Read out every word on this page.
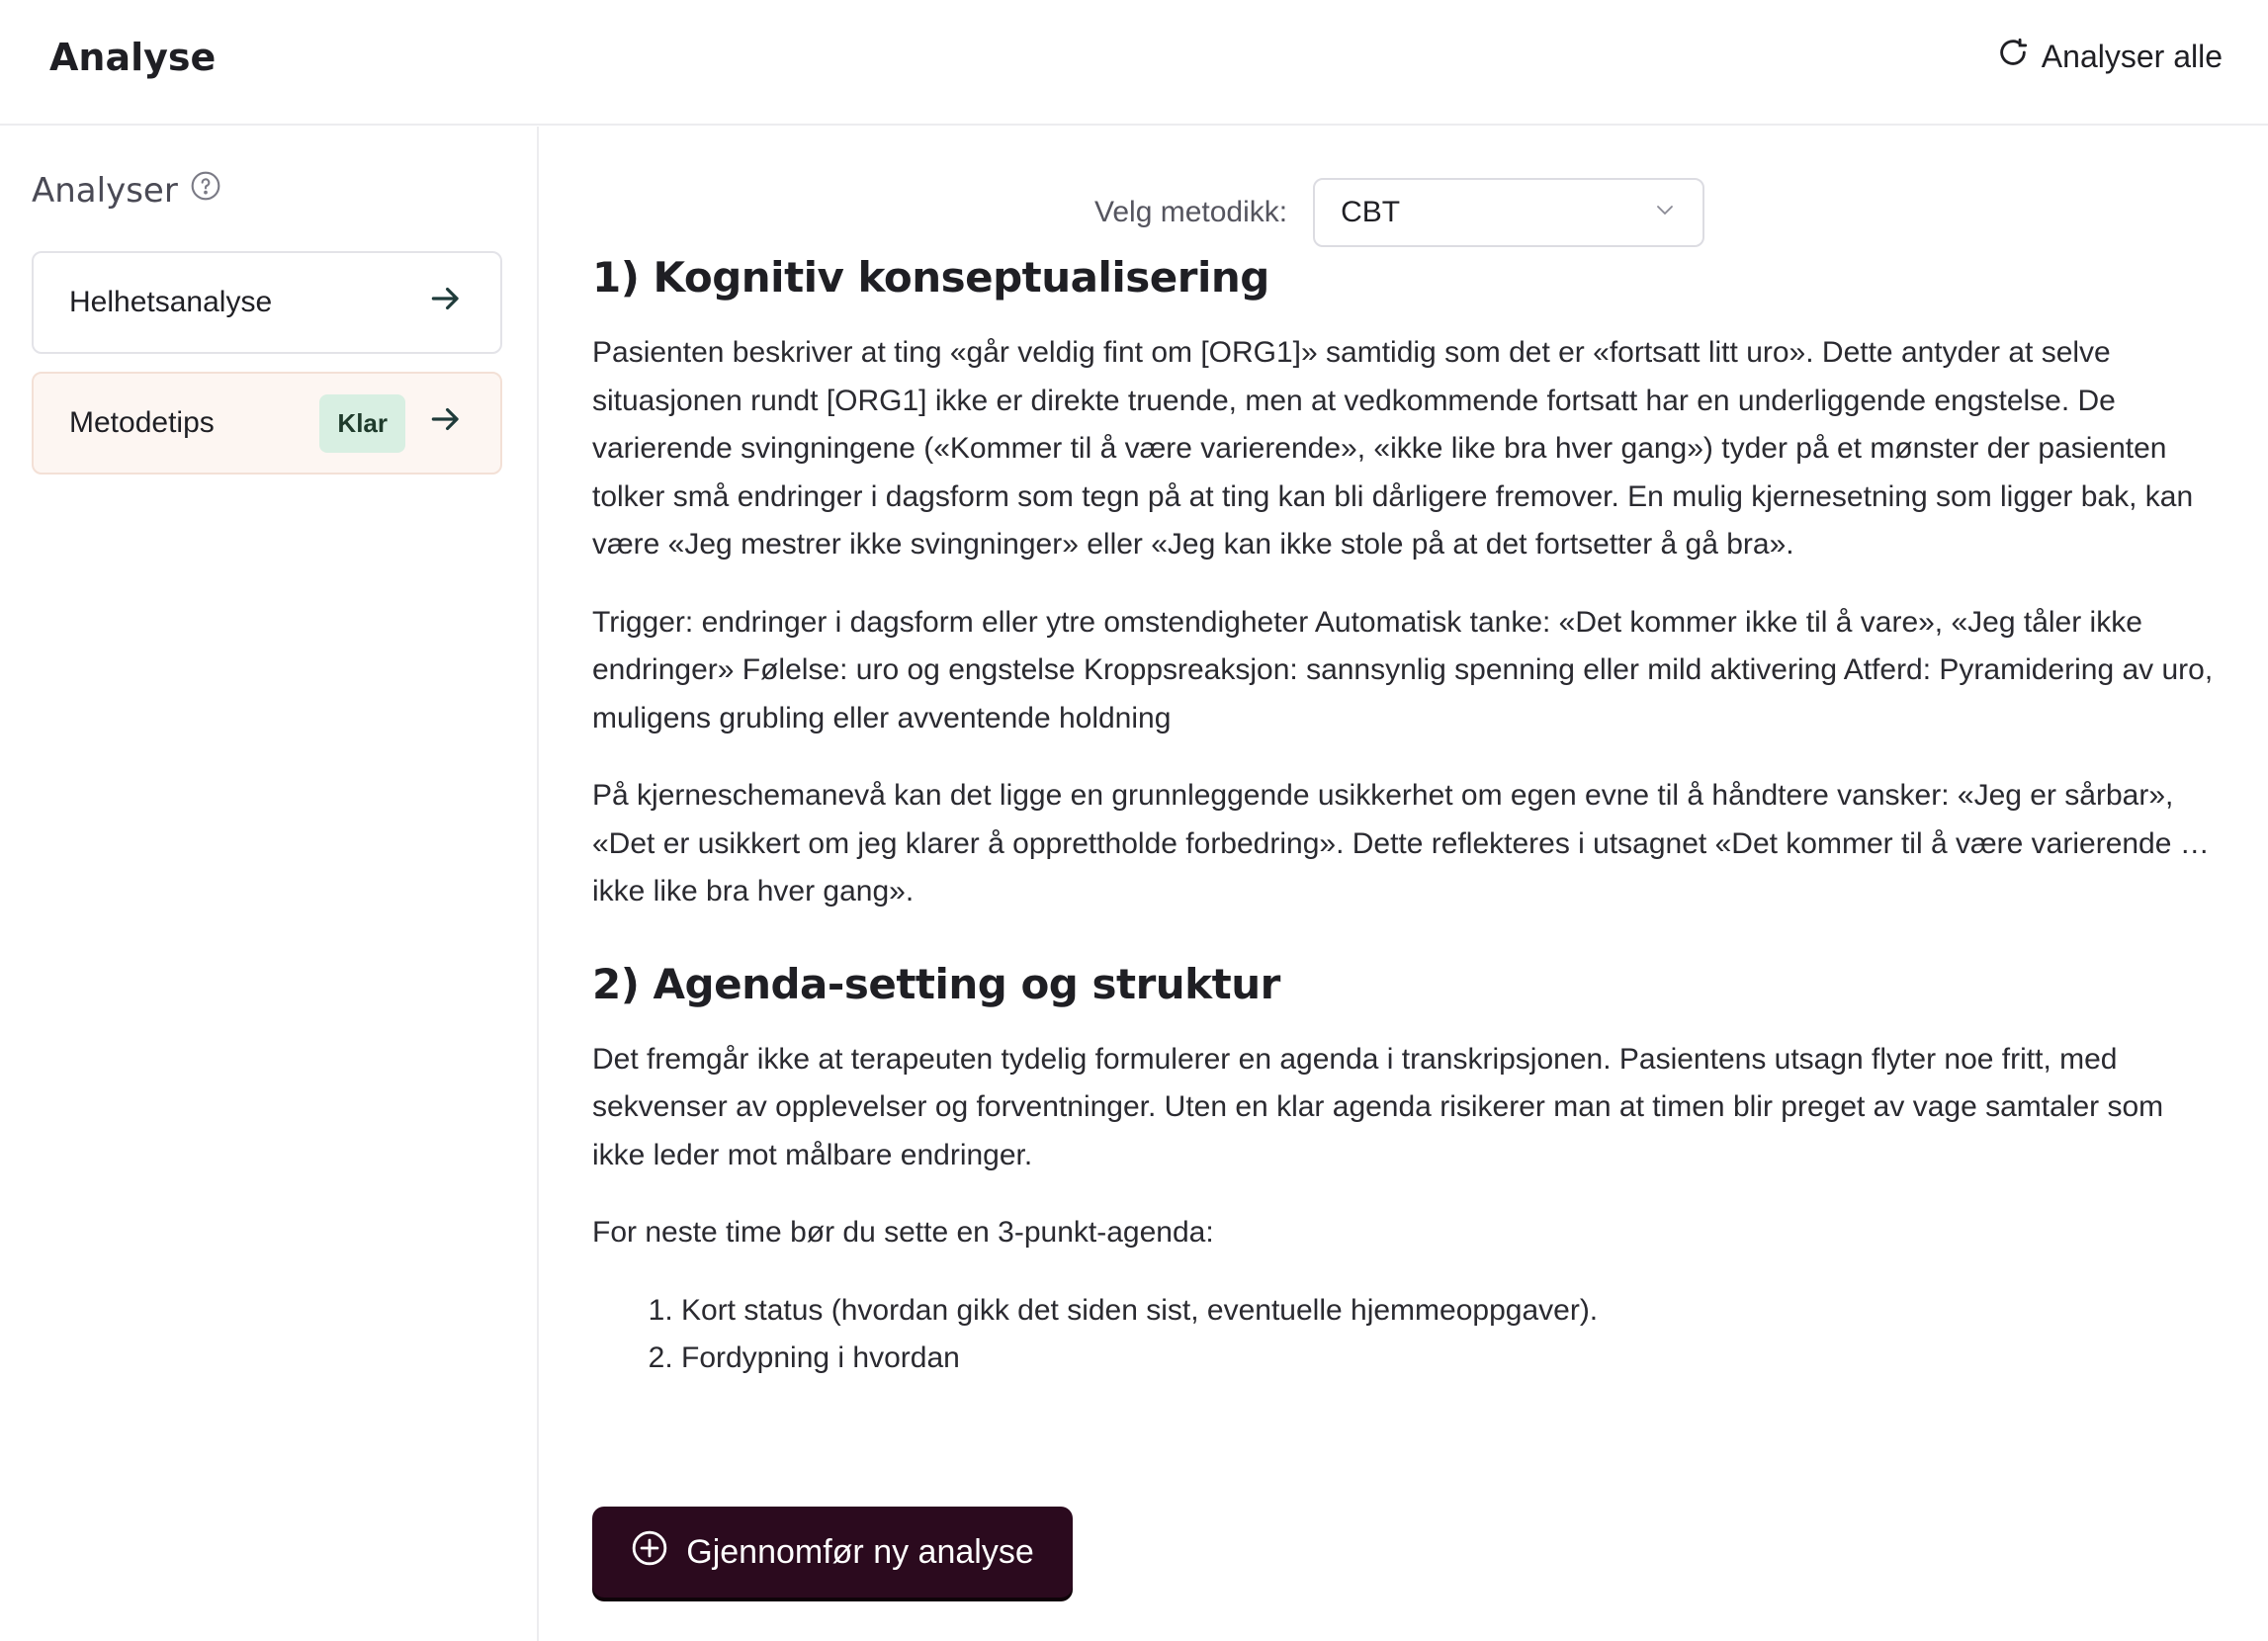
Analyse	Analyser alle
Analyser
Helhetsanalyse
Metodetips	Klar
Velg metodikk: CBT
1) Kognitiv konseptualisering

Pasienten beskriver at ting «går veldig fint om [ORG1]» samtidig som det er «fortsatt litt uro». Dette antyder at selve situasjonen rundt [ORG1] ikke er direkte truende, men at vedkommende fortsatt har en underliggende engstelse. De varierende svingningene («Kommer til å være varierende», «ikke like bra hver gang») tyder på et mønster der pasienten tolker små endringer i dagsform som tegn på at ting kan bli dårligere fremover. En mulig kjernesetning som ligger bak, kan være «Jeg mestrer ikke svingninger» eller «Jeg kan ikke stole på at det fortsetter å gå bra».

Trigger: endringer i dagsform eller ytre omstendigheter Automatisk tanke: «Det kommer ikke til å vare», «Jeg tåler ikke endringer» Følelse: uro og engstelse Kroppsreaksjon: sannsynlig spenning eller mild aktivering Atferd: Pyramidering av uro, muligens grubling eller avventende holdning

På kjerneschemanevå kan det ligge en grunnleggende usikkerhet om egen evne til å håndtere vansker: «Jeg er sårbar», «Det er usikkert om jeg klarer å opprettholde forbedring». Dette reflekteres i utsagnet «Det kommer til å være varierende … ikke like bra hver gang».

2) Agenda-setting og struktur

Det fremgår ikke at terapeuten tydelig formulerer en agenda i transkripsjonen. Pasientens utsagn flyter noe fritt, med sekvenser av opplevelser og forventninger. Uten en klar agenda risikerer man at timen blir preget av vage samtaler som ikke leder mot målbare endringer.

For neste time bør du sette en 3-punkt-agenda:

1. Kort status (hvordan gikk det siden sist, eventuelle hjemmeoppgaver).
2. Fordypning i hvordan
Gjennomfør ny analyse
